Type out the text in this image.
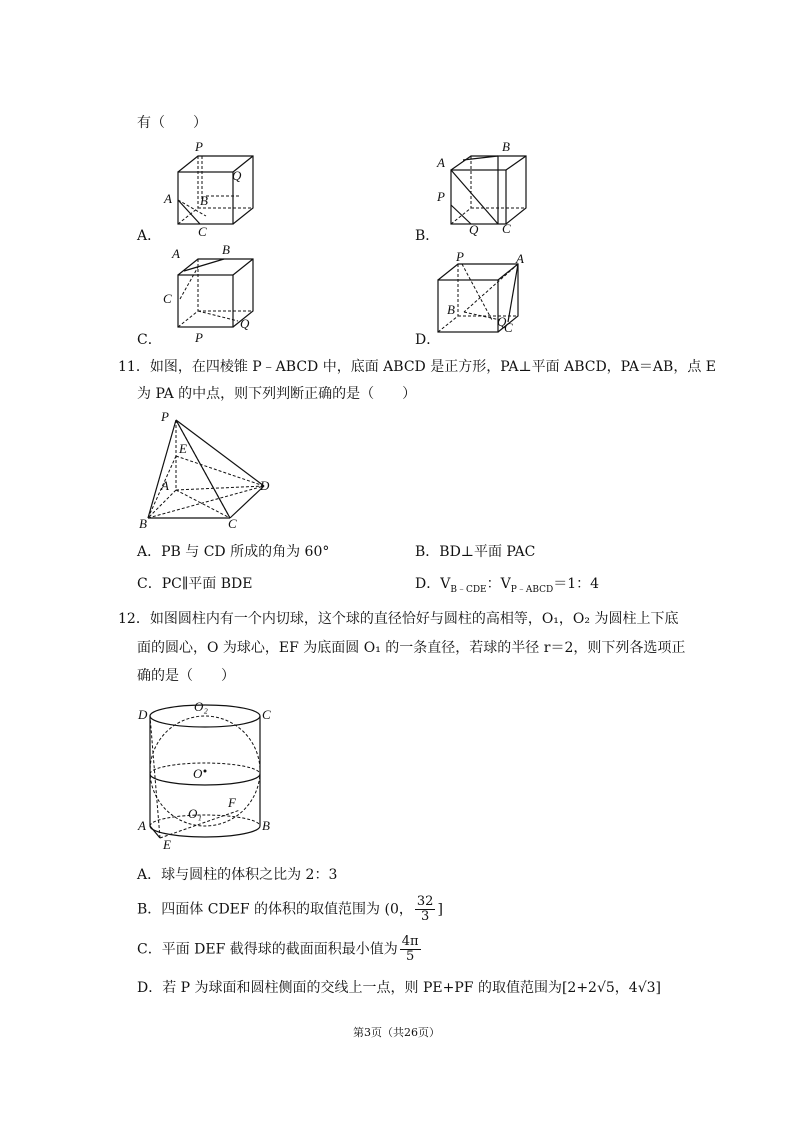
有（　　）
P
Q
A B
C
A．
A
B
P
Q C
B．
A	B
C
P
Q
C．
P	A
B
C
Q
D．
11．如图，在四棱锥 P﹣ABCD 中，底面 ABCD 是正方形，PA⊥平面 ABCD，PA＝AB，点 E
为 PA 的中点，则下列判断正确的是（　　）
P
E
A
B	C
D
A．PB 与 CD 所成的角为 60°	B．BD⊥平面 PAC
C．PC∥平面 BDE	D．$V_{B﹣CDE}$：$V_{P﹣ABCD}=1$：4
12．如图圆柱内有一个内切球，这个球的直径恰好与圆柱的高相等，O₁，O₂ 为圆柱上下底
面的圆心，O 为球心，EF 为底面圆 O₁ 的一条直径，若球的半径 r＝2，则下列各选项正
确的是（　　）
D
O₂
C
O
F
O₁
A	B
E
A．球与圆柱的体积之比为 2：3
B．四面体 CDEF 的体积的取值范围为 (0， $\frac{32}{3}$ ]
C．平面 DEF 截得球的截面面积最小值为 $\frac{4\pi}{5}$
D．若 P 为球面和圆柱侧面的交线上一点，则 PE+PF 的取值范围为[2+2√5，4√3]
第3页（共26页）
